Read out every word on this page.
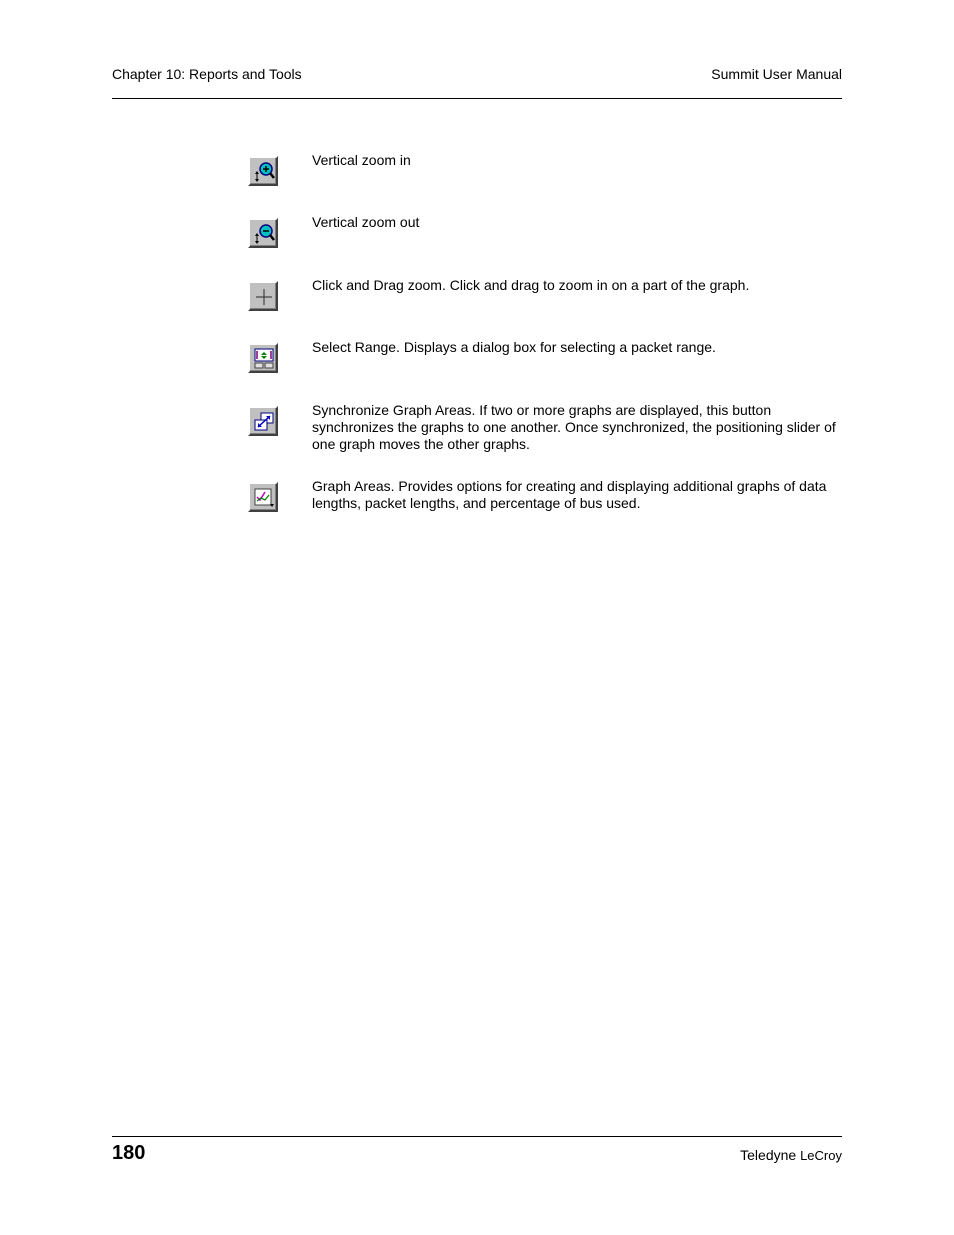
Chapter 10: Reports and Tools	Summit User Manual
Vertical zoom in
Vertical zoom out
Click and Drag zoom. Click and drag to zoom in on a part of the graph.
Select Range. Displays a dialog box for selecting a packet range.
Synchronize Graph Areas. If two or more graphs are displayed, this button synchronizes the graphs to one another. Once synchronized, the positioning slider of one graph moves the other graphs.
Graph Areas. Provides options for creating and displaying additional graphs of data lengths, packet lengths, and percentage of bus used.
180	Teledyne LeCroy
